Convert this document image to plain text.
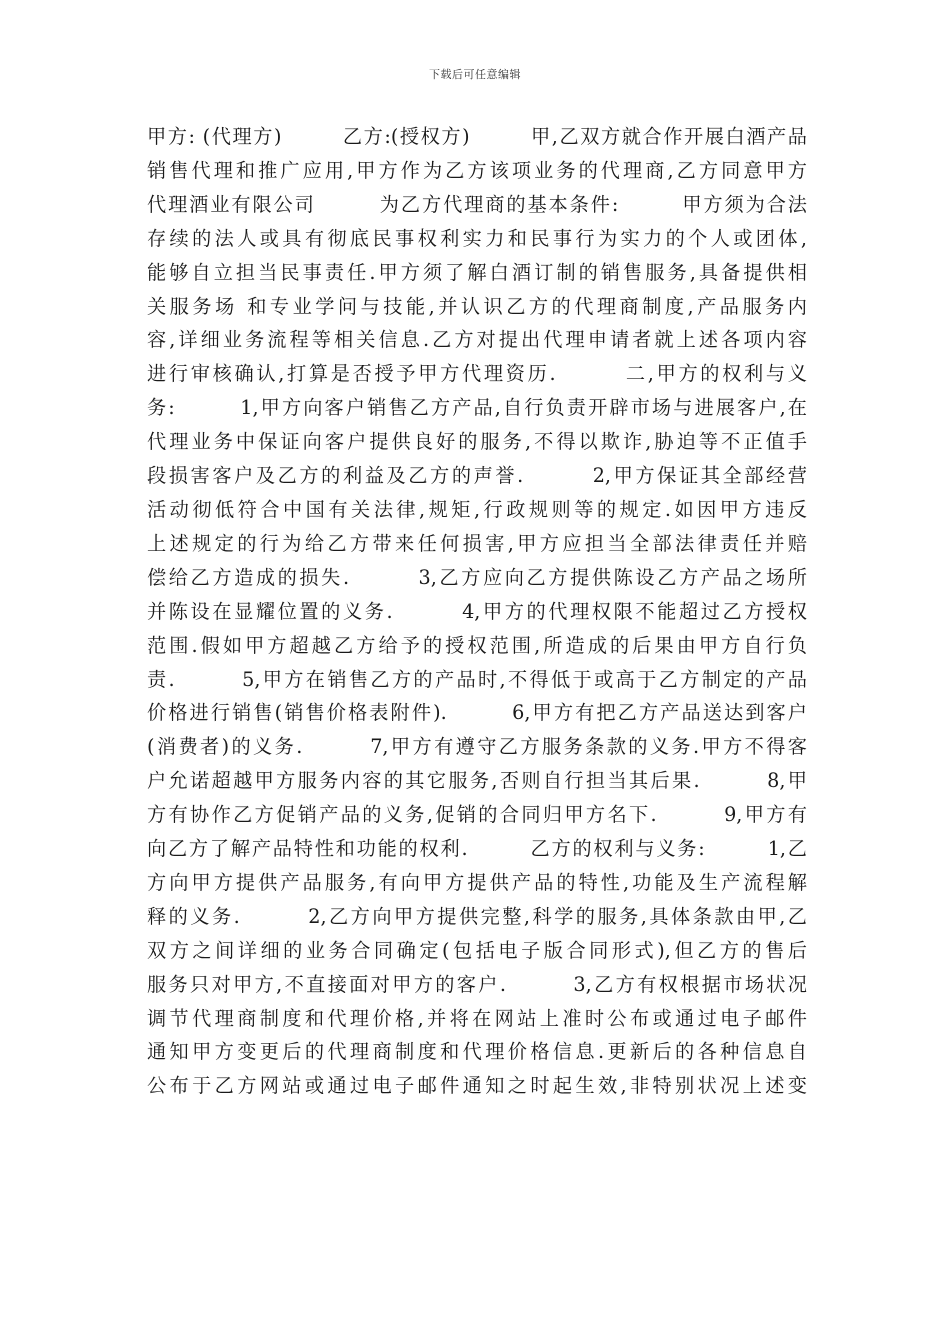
下载后可任意编辑
甲方: (代理方)        乙方:(授权方)        甲,乙双方就合作开展白酒产品
销售代理和推广应用,甲方作为乙方该项业务的代理商,乙方同意甲方
代理酒业有限公司        为乙方代理商的基本条件:        甲方须为合法
存续的法人或具有彻底民事权利实力和民事行为实力的个人或团体,
能够自立担当民事责任.甲方须了解白酒订制的销售服务,具备提供相
关服务场 和专业学问与技能,并认识乙方的代理商制度,产品服务内
容,详细业务流程等相关信息.乙方对提出代理申请者就上述各项内容
进行审核确认,打算是否授予甲方代理资历.        二,甲方的权利与义
务:        1,甲方向客户销售乙方产品,自行负责开辟市场与进展客户,在
代理业务中保证向客户提供良好的服务,不得以欺诈,胁迫等不正值手
段损害客户及乙方的利益及乙方的声誉.        2,甲方保证其全部经营
活动彻低符合中国有关法律,规矩,行政规则等的规定.如因甲方违反
上述规定的行为给乙方带来任何损害,甲方应担当全部法律责任并赔
偿给乙方造成的损失.        3,乙方应向乙方提供陈设乙方产品之场所
并陈设在显耀位置的义务.        4,甲方的代理权限不能超过乙方授权
范围.假如甲方超越乙方给予的授权范围,所造成的后果由甲方自行负
责.        5,甲方在销售乙方的产品时,不得低于或高于乙方制定的产品
价格进行销售(销售价格表附件).        6,甲方有把乙方产品送达到客户
(消费者)的义务.        7,甲方有遵守乙方服务条款的义务.甲方不得客
户允诺超越甲方服务内容的其它服务,否则自行担当其后果.        8,甲
方有协作乙方促销产品的义务,促销的合同归甲方名下.        9,甲方有
向乙方了解产品特性和功能的权利.        乙方的权利与义务:        1,乙
方向甲方提供产品服务,有向甲方提供产品的特性,功能及生产流程解
释的义务.        2,乙方向甲方提供完整,科学的服务,具体条款由甲,乙
双方之间详细的业务合同确定(包括电子版合同形式),但乙方的售后
服务只对甲方,不直接面对甲方的客户.        3,乙方有权根据市场状况
调节代理商制度和代理价格,并将在网站上准时公布或通过电子邮件
通知甲方变更后的代理商制度和代理价格信息.更新后的各种信息自
公布于乙方网站或通过电子邮件通知之时起生效,非特别状况上述变
